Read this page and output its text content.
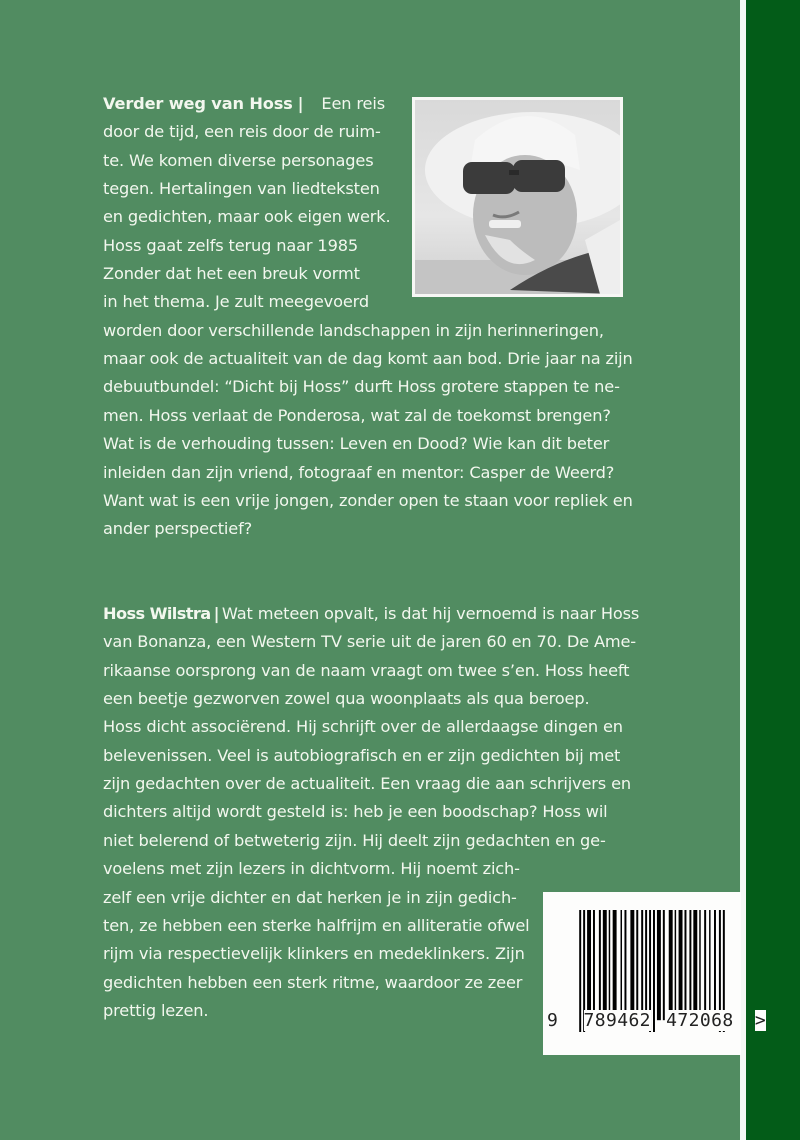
Verder weg van Hoss | Een reis
door de tijd, een reis door de ruim-
te. We komen diverse personages
tegen. Hertalingen van liedteksten
en gedichten, maar ook eigen werk.
Hoss gaat zelfs terug naar 1985
Zonder dat het een breuk vormt
in het thema. Je zult meegevoerd
worden door verschillende landschappen in zijn herinneringen,
maar ook de actualiteit van de dag komt aan bod. Drie jaar na zijn
debuutbundel: “Dicht bij Hoss” durft Hoss grotere stappen te ne-
men. Hoss verlaat de Ponderosa, wat zal de toekomst brengen?
Wat is de verhouding tussen: Leven en Dood? Wie kan dit beter
inleiden dan zijn vriend, fotograaf en mentor: Casper de Weerd?
Want wat is een vrije jongen, zonder open te staan voor repliek en
ander perspectief?
Hoss Wilstra | Wat meteen opvalt, is dat hij vernoemd is naar Hoss
van Bonanza, een Western TV serie uit de jaren 60 en 70. De Ame-
rikaanse oorsprong van de naam vraagt om twee s’en. Hoss heeft
een beetje gezworven zowel qua woonplaats als qua beroep.
Hoss dicht associërend. Hij schrijft over de allerdaagse dingen en
belevenissen. Veel is autobiografisch en er zijn gedichten bij met
zijn gedachten over de actualiteit. Een vraag die aan schrijvers en
dichters altijd wordt gesteld is: heb je een boodschap? Hoss wil
niet belerend of betweterig zijn. Hij deelt zijn gedachten en ge-
voelens met zijn lezers in dichtvorm. Hij noemt zich-
zelf een vrije dichter en dat herken je in zijn gedich-
ten, ze hebben een sterke halfrijm en alliteratie ofwel
rijm via respectievelijk klinkers en medeklinkers. Zijn
gedichten hebben een sterk ritme, waardoor ze zeer
prettig lezen.	9 789462 472068 >
